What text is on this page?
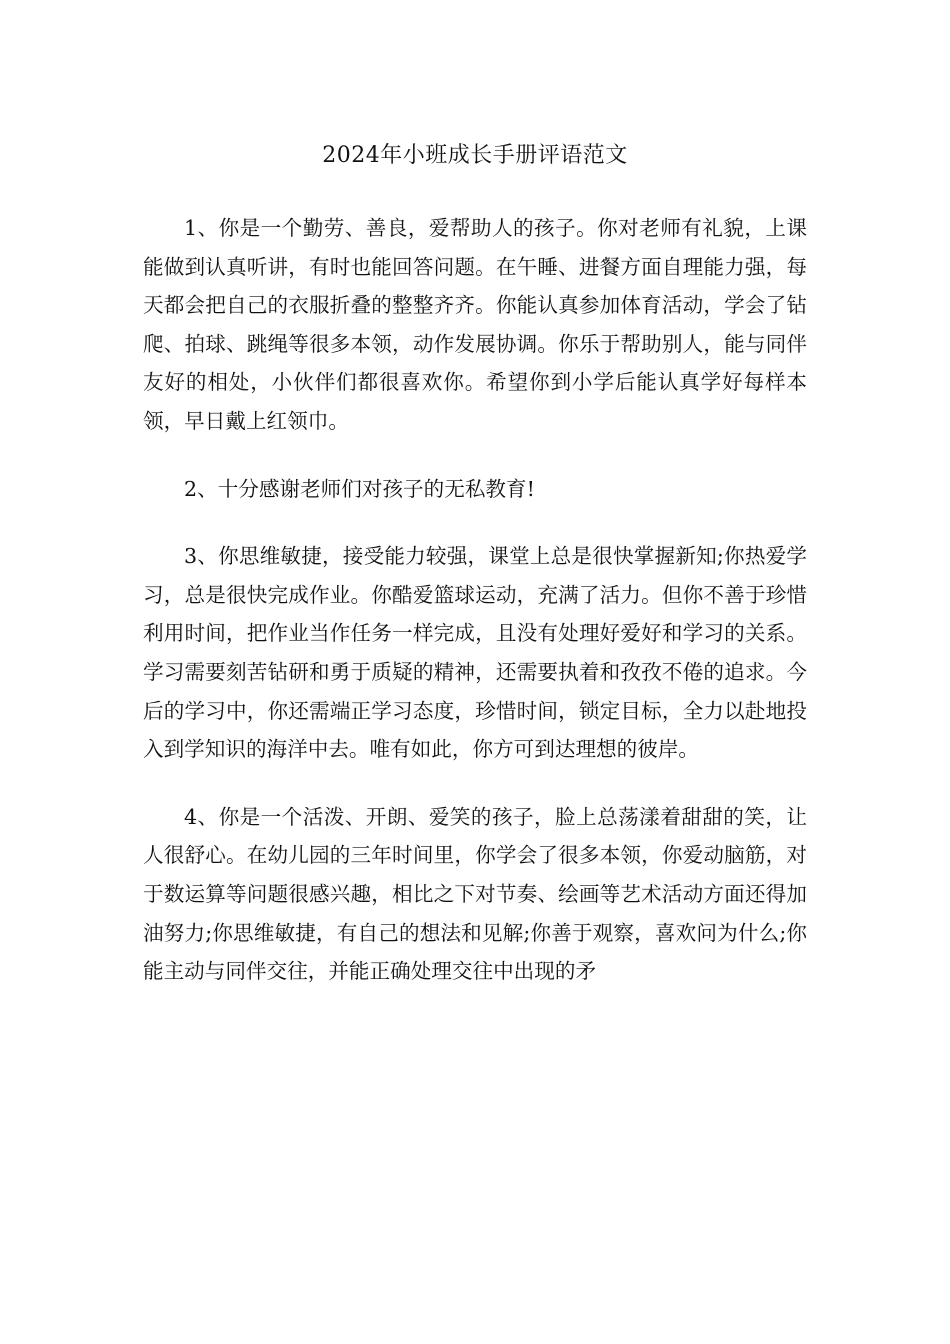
2024年小班成长手册评语范文

1、你是一个勤劳、善良，爱帮助人的孩子。你对老师有礼貌，上课能做到认真听讲，有时也能回答问题。在午睡、进餐方面自理能力强，每天都会把自己的衣服折叠的整整齐齐。你能认真参加体育活动，学会了钻爬、拍球、跳绳等很多本领，动作发展协调。你乐于帮助别人，能与同伴友好的相处，小伙伴们都很喜欢你。希望你到小学后能认真学好每样本领，早日戴上红领巾。

2、十分感谢老师们对孩子的无私教育!

3、你思维敏捷，接受能力较强，课堂上总是很快掌握新知;你热爱学习，总是很快完成作业。你酷爱篮球运动，充满了活力。但你不善于珍惜利用时间，把作业当作任务一样完成，且没有处理好爱好和学习的关系。学习需要刻苦钻研和勇于质疑的精神，还需要执着和孜孜不倦的追求。今后的学习中，你还需端正学习态度，珍惜时间，锁定目标，全力以赴地投入到学知识的海洋中去。唯有如此，你方可到达理想的彼岸。

4、你是一个活泼、开朗、爱笑的孩子，脸上总荡漾着甜甜的笑，让人很舒心。在幼儿园的三年时间里，你学会了很多本领，你爱动脑筋，对于数运算等问题很感兴趣，相比之下对节奏、绘画等艺术活动方面还得加油努力;你思维敏捷，有自己的想法和见解;你善于观察，喜欢问为什么;你能主动与同伴交往，并能正确处理交往中出现的矛
